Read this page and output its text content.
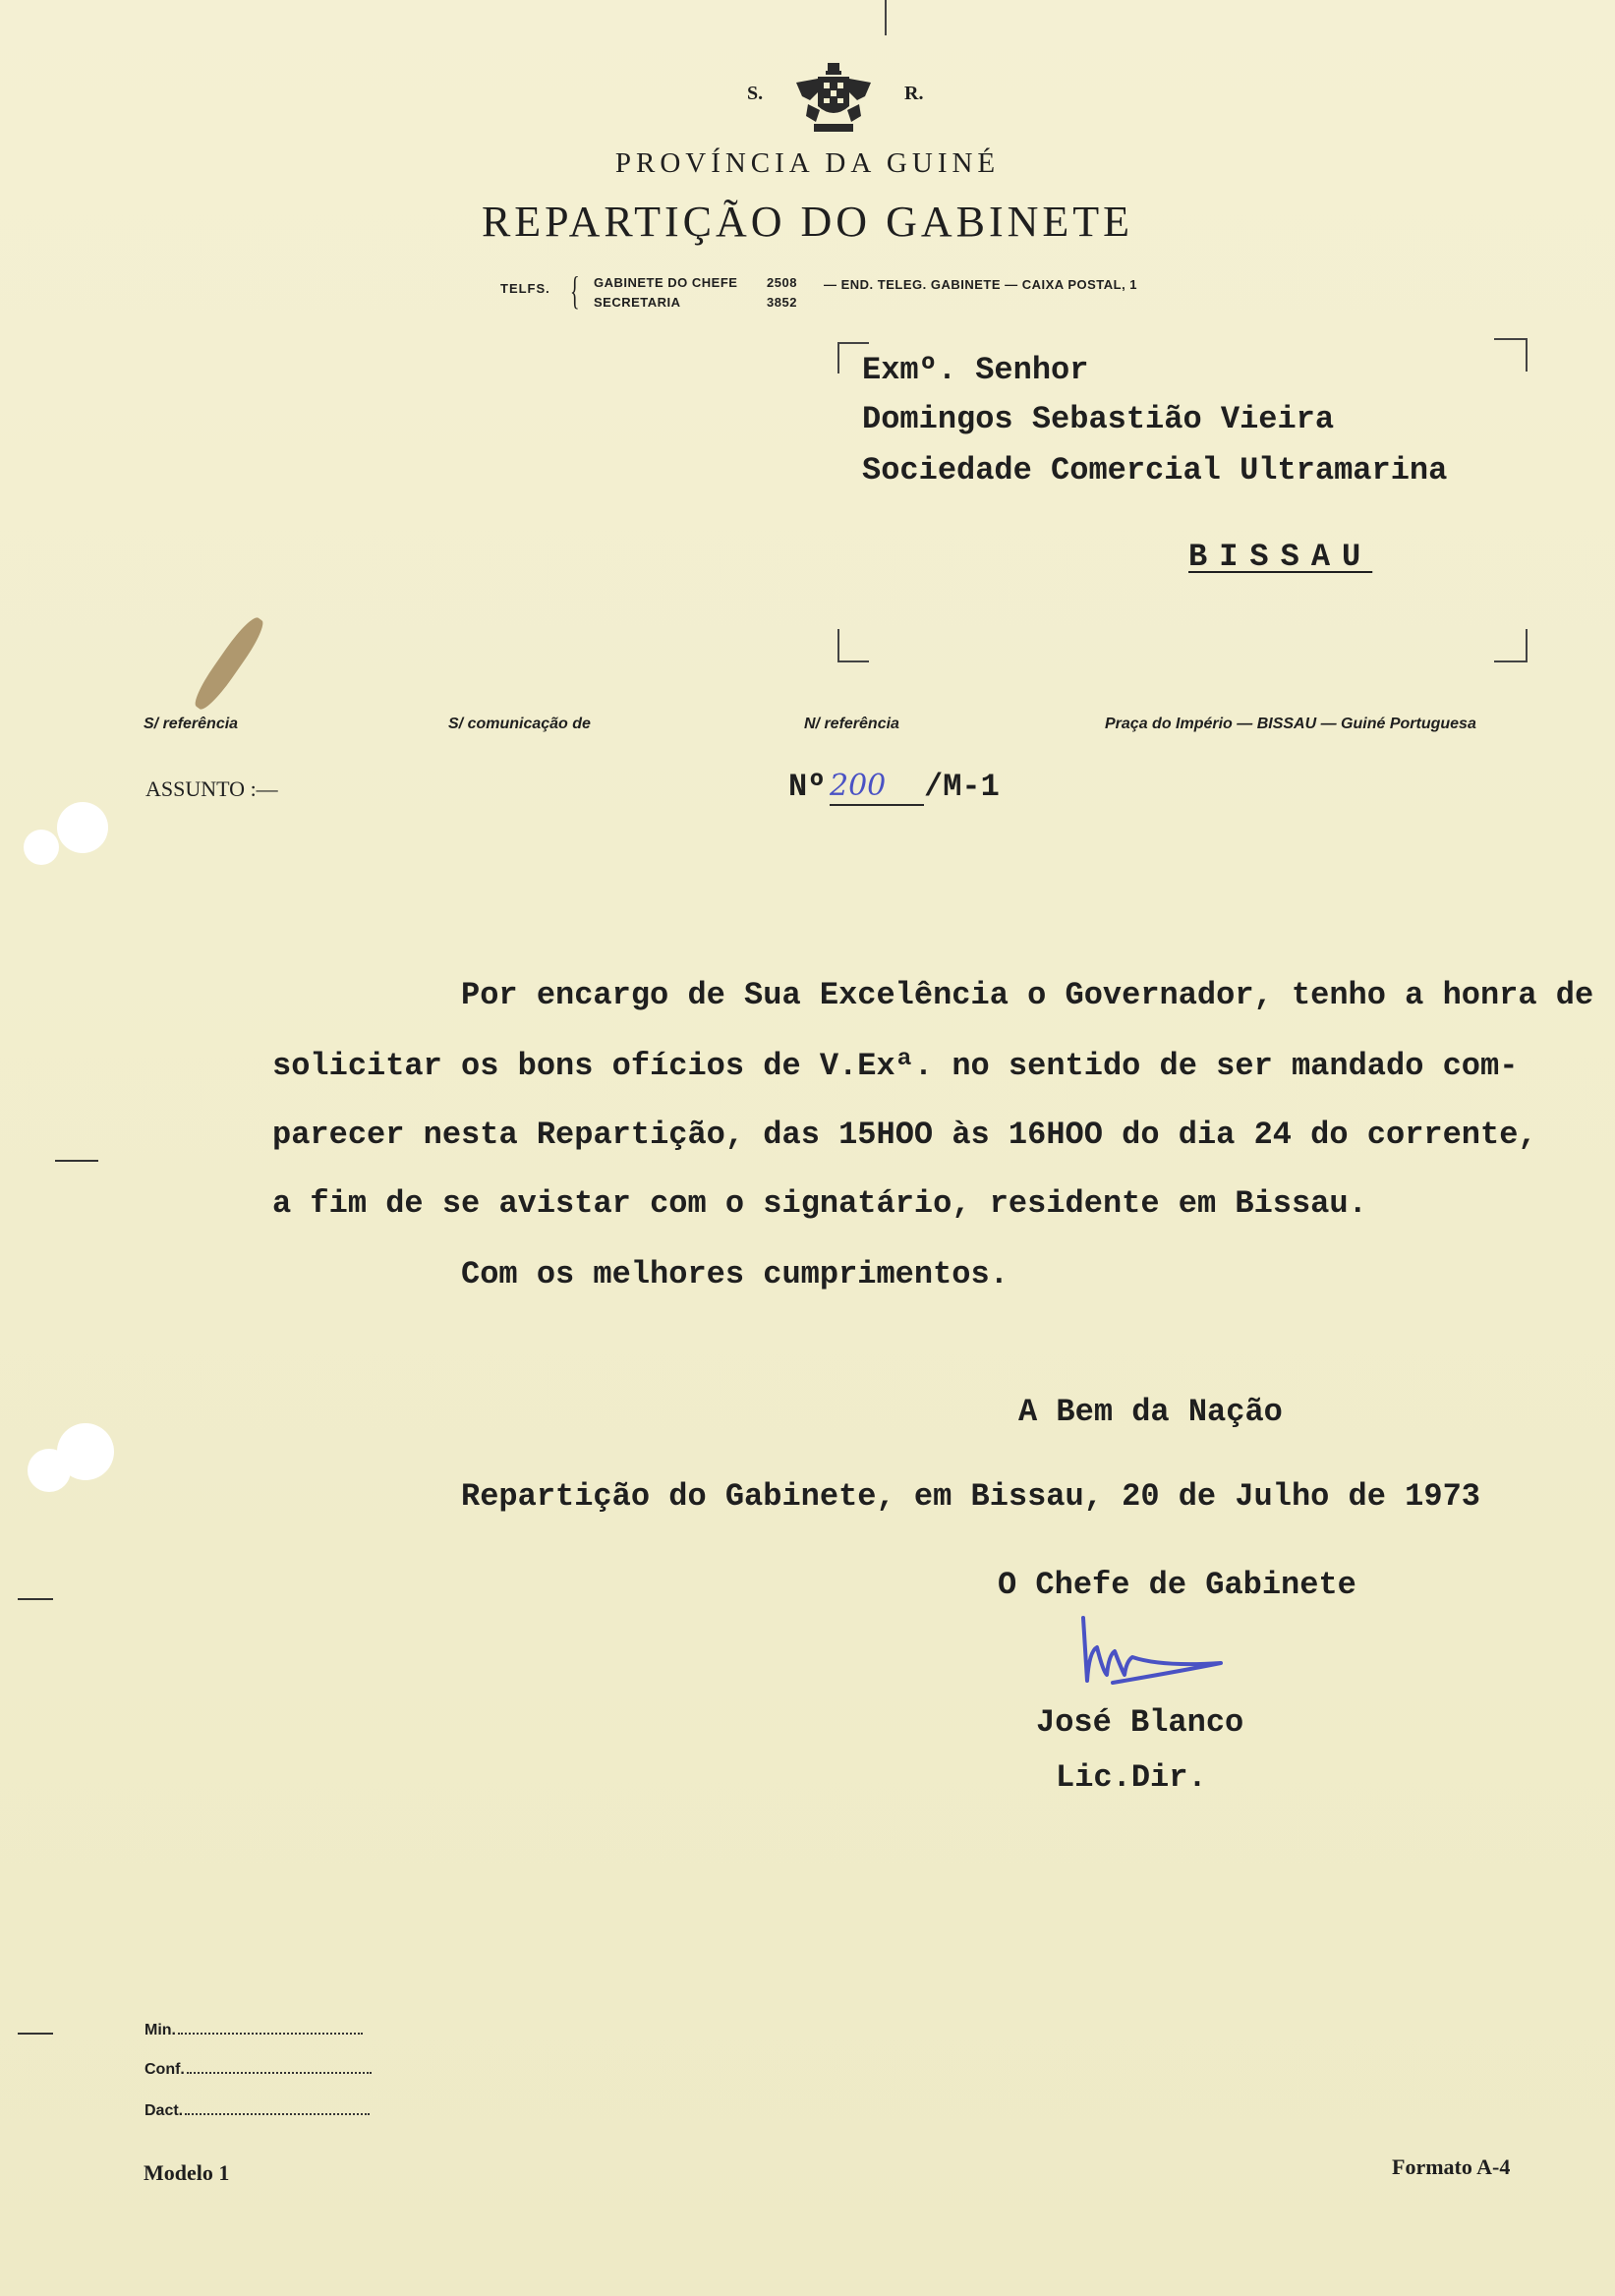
S.	R.
PROVÍNCIA DA GUINÉ
REPARTIÇÃO DO GABINETE
TELFS. { GABINETE DO CHEFE 2508
SECRETARIA	3852
— END. TELEG. GABINETE — CAIXA POSTAL, 1
Exmº. Senhor
Domingos Sebastião Vieira
Sociedade Comercial Ultramarina
BISSAU
S/ referência	S/ comunicação de	N/ referência	Praça do Império — BISSAU — Guiné Portuguesa
ASSUNTO :—	Nº 200	/M-1
Por encargo de Sua Excelência o Governador, tenho a honra de
solicitar os bons ofícios de V.Exª. no sentido de ser mandado com-
parecer nesta Repartição, das 15HOO às 16HOO do dia 24 do corrente,
a fim de se avistar com o signatário, residente em Bissau.
Com os melhores cumprimentos.
A Bem da Nação
Repartição do Gabinete, em Bissau, 20 de Julho de 1973
O Chefe de Gabinete
José Blanco
Lic.Dir.
Min.
Conf.
Dact.
Modelo 1	Formato A-4
